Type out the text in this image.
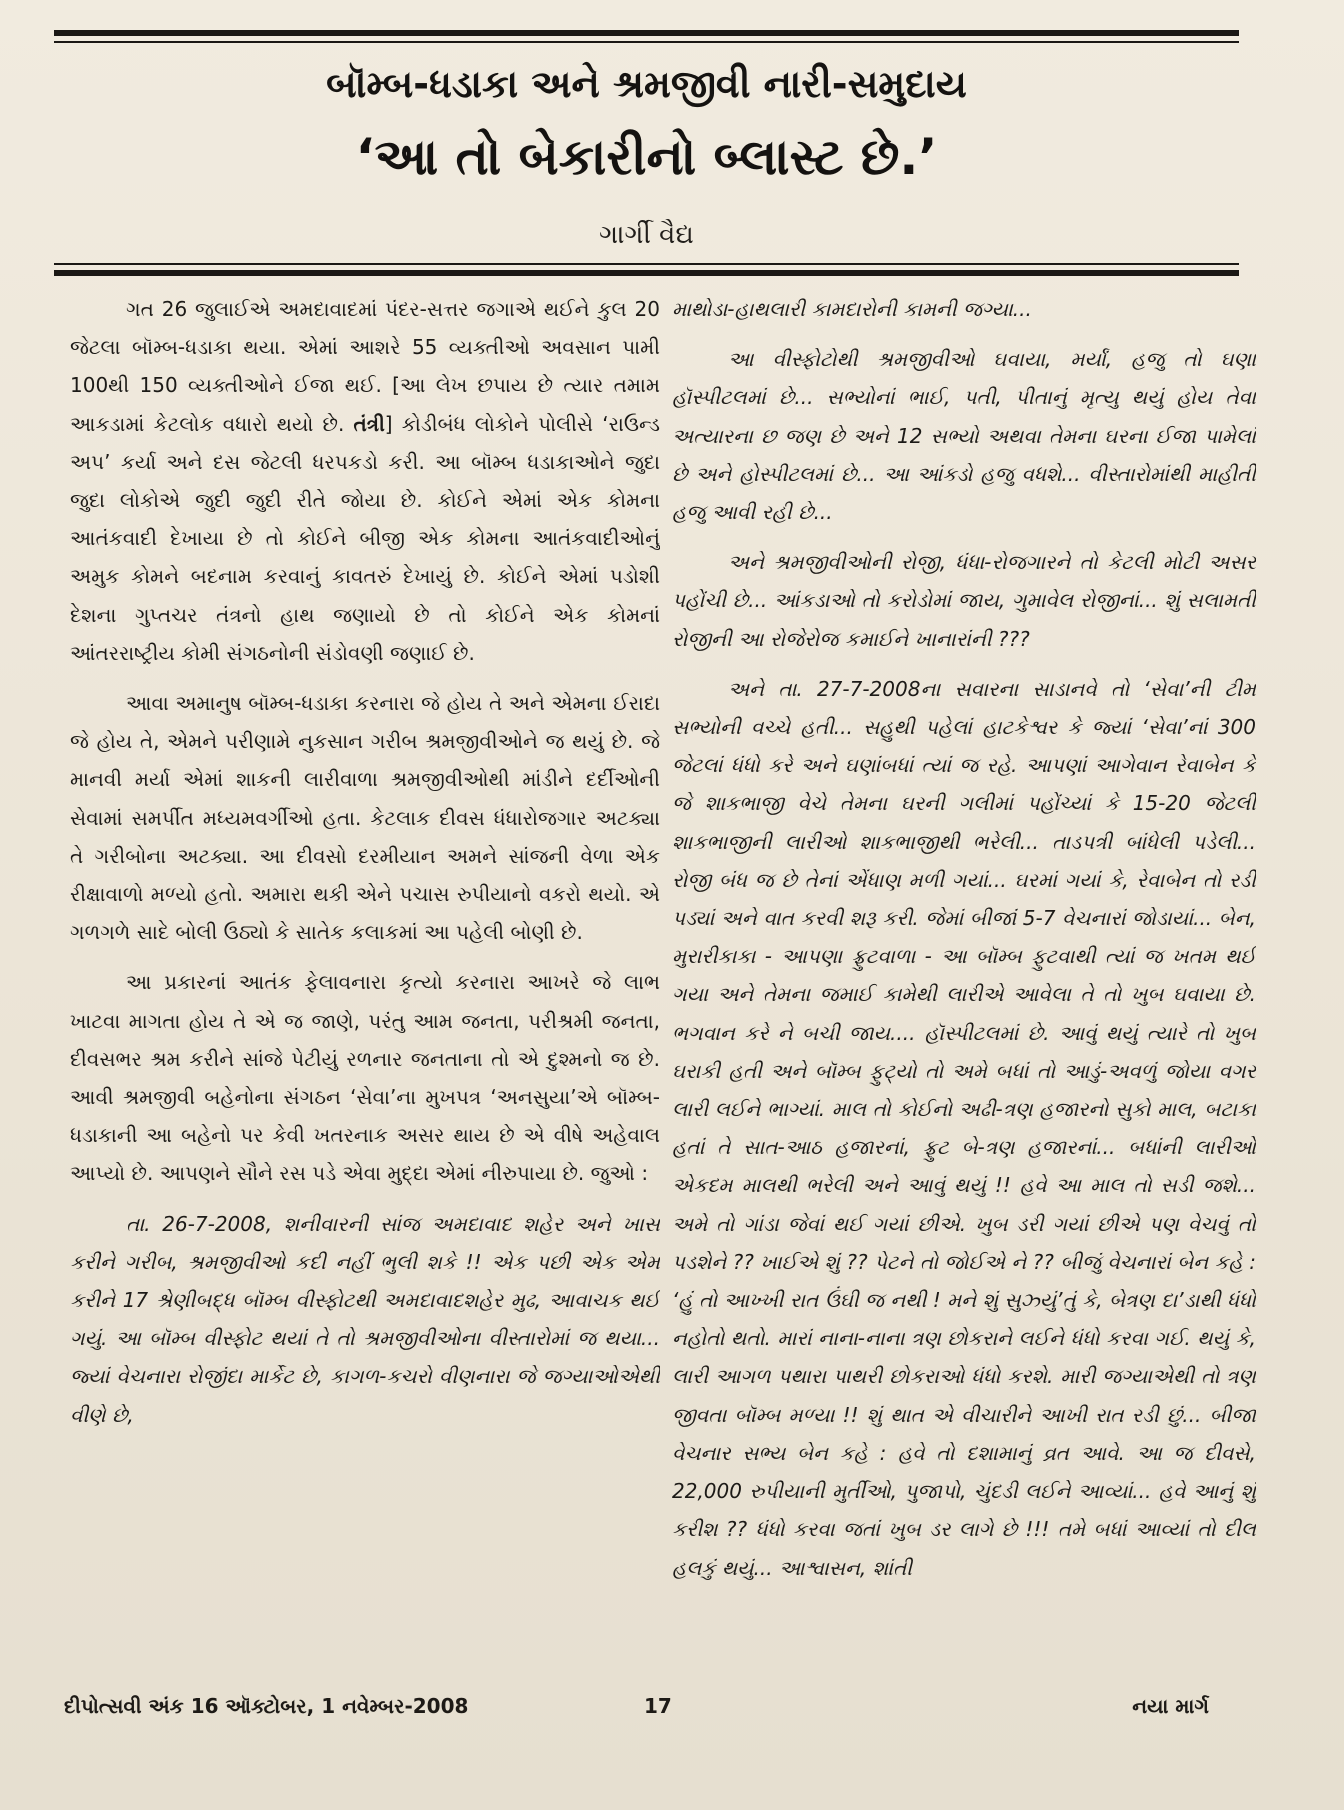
બૉમ્બ-ધડાકા અને શ્રમજીવી નારી-સમુદાય
‘આ તો બેકારીનો બ્લાસ્ટ છે.’
ગાર્ગી વૈદ્ય

ગત 26 જુલાઈએ અમદાવાદમાં પંદર-સત્તર જગાએ થઈને કુલ 20 જેટલા બૉમ્બ-ધડાકા થયા. એમાં આશરે 55 વ્યક્તીઓ અવસાન પામી 100થી 150 વ્યક્તીઓને ઈજા થઈ. [આ લેખ છપાય છે ત્યાર તમામ આકડામાં કેટલોક વધારો થયો છે. તંત્રી] કોડીબંધ લોકોને પોલીસે ‘રાઉન્ડ અપ’ કર્યા અને દસ જેટલી ધરપકડો કરી. આ બૉમ્બ ધડાકાઓને જુદા જુદા લોકોએ જુદી જુદી રીતે જોયા છે. કોઈને એમાં એક કોમના આતંકવાદી દેખાયા છે તો કોઈને બીજી એક કોમના આતંકવાદીઓનું અમુક કોમને બદનામ કરવાનું કાવતરું દેખાયું છે. કોઈને એમાં પડોશી દેશના ગુપ્તચર તંત્રનો હાથ જણાયો છે તો કોઈને એક કોમનાં આંતરરાષ્ટ્રીય કોમી સંગઠનોની સંડોવણી જણાઈ છે.

આવા અમાનુષ બૉમ્બ-ધડાકા કરનારા જે હોય તે અને એમના ઈરાદા જે હોય તે, એમને પરીણામે નુકસાન ગરીબ શ્રમજીવીઓને જ થયું છે. જે માનવી મર્યા એમાં શાકની લારીવાળા શ્રમજીવીઓથી માંડીને દર્દીઓની સેવામાં સમર્પીત મધ્યમવર્ગીઓ હતા. કેટલાક દીવસ ધંધારોજગાર અટક્યા તે ગરીબોના અટક્યા. આ દીવસો દરમીયાન અમને સાંજની વેળા એક રીક્ષાવાળો મળ્યો હતો. અમારા થકી એને પચાસ રુપીયાનો વકરો થયો. એ ગળગળે સાદે બોલી ઉઠ્યો કે સાતેક કલાકમાં આ પહેલી બોણી છે.

આ પ્રકારનાં આતંક ફેલાવનારા કૃત્યો કરનારા આખરે જે લાભ ખાટવા માગતા હોય તે એ જ જાણે, પરંતુ આમ જનતા, પરીશ્રમી જનતા, દીવસભર શ્રમ કરીને સાંજે પેટીયું રળનાર જનતાના તો એ દુશ્મનો જ છે. આવી શ્રમજીવી બહેનોના સંગઠન ‘સેવા’ના મુખપત્ર ‘અનસુયા’એ બૉમ્બ-ધડાકાની આ બહેનો પર કેવી ખતરનાક અસર થાય છે એ વીષે અહેવાલ આપ્યો છે. આપણને સૌને રસ પડે એવા મુદ્દા એમાં નીરુપાયા છે. જુઓ :

તા. 26-7-2008, શનીવારની સાંજ અમદાવાદ શહેર અને ખાસ કરીને ગરીબ, શ્રમજીવીઓ કદી નહીં ભુલી શકે !! એક પછી એક એમ કરીને 17 શ્રેણીબદ્ધ બૉમ્બ વીસ્ફોટથી અમદાવાદશહેર મુઢ, આવાચક થઈ ગયું. આ બૉમ્બ વીસ્ફોટ થયાં તે તો શ્રમજીવીઓના વીસ્તારોમાં જ થયા... જ્યાં વેચનારા રોજીંદા માર્કેટ છે, કાગળ-કચરો વીણનારા જે જગ્યાઓએથી વીણે છે,

માથોડા-હાથલારી કામદારોની કામની જગ્યા...

આ વીસ્ફોટોથી શ્રમજીવીઓ ઘવાયા, મર્યાં, હજુ તો ઘણા હૉસ્પીટલમાં છે... સભ્યોનાં ભાઈ, પતી, પીતાનું મૃત્યુ થયું હોય તેવા અત્યારના છ જણ છે અને 12 સભ્યો અથવા તેમના ઘરના ઈજા પામેલાં છે અને હોસ્પીટલમાં છે... આ આંકડો હજુ વધશે... વીસ્તારોમાંથી માહીતી હજુ આવી રહી છે...

અને શ્રમજીવીઓની રોજી, ધંધા-રોજગારને તો કેટલી મોટી અસર પહોંચી છે... આંકડાઓ તો કરોડોમાં જાય, ગુમાવેલ રોજીનાં... શું સલામતી રોજીની આ રોજેરોજ કમાઈને ખાનારાંની ???

અને તા. 27-7-2008ના સવારના સાડાનવે તો ‘સેવા’ની ટીમ સભ્યોની વચ્ચે હતી... સહુથી પહેલાં હાટકેશ્વર કે જ્યાં ‘સેવા’નાં 300 જેટલાં ધંધો કરે અને ઘણાંબધાં ત્યાં જ રહે. આપણાં આગેવાન રેવાબેન કે જે શાકભાજી વેચે તેમના ઘરની ગલીમાં પહોંચ્યાં કે 15-20 જેટલી શાકભાજીની લારીઓ શાકભાજીથી ભરેલી... તાડપત્રી બાંધેલી પડેલી... રોજી બંધ જ છે તેનાં એંધાણ મળી ગયાં... ઘરમાં ગયાં કે, રેવાબેન તો રડી પડ્યાં અને વાત કરવી શરૂ કરી. જેમાં બીજાં 5-7 વેચનારાં જોડાયાં... બેન, મુરારીકાકા - આપણા ફ્રુટવાળા - આ બૉમ્બ ફુટવાથી ત્યાં જ ખતમ થઈ ગયા અને તેમના જમાઈ કામેથી લારીએ આવેલા તે તો ખુબ ઘવાયા છે. ભગવાન કરે ને બચી જાય.... હૉસ્પીટલમાં છે. આવું થયું ત્યારે તો ખુબ ઘરાકી હતી અને બૉમ્બ ફુટ્યો તો અમે બધાં તો આડું-અવળું જોયા વગર લારી લઈને ભાગ્યાં. માલ તો કોઈનો અઢી-ત્રણ હજારનો સુકો માલ, બટાકા હતાં તે સાત-આઠ હજારનાં, ફ્રુટ બે-ત્રણ હજારનાં... બધાંની લારીઓ એકદમ માલથી ભરેલી અને આવું થયું !! હવે આ માલ તો સડી જશે... અમે તો ગાંડા જેવાં થઈ ગયાં છીએ. ખુબ ડરી ગયાં છીએ પણ વેચવું તો પડશેને ?? ખાઈએ શું ?? પેટને તો જોઈએ ને ?? બીજું વેચનારાં બેન કહે : ‘હું તો આખ્ખી રાત ઉંઘી જ નથી ! મને શું સુઝ્યું’તું કે, બેત્રણ દા’ડાથી ધંધો નહોતો થતો. મારાં નાના-નાના ત્રણ છોકરાને લઈને ધંધો કરવા ગઈ. થયું કે, લારી આગળ પથારા પાથરી છોકરાઓ ધંધો કરશે. મારી જગ્યાએથી તો ત્રણ જીવતા બૉમ્બ મળ્યા !! શું થાત એ વીચારીને આખી રાત રડી છું... બીજા વેચનાર સભ્ય બેન કહે : હવે તો દશામાનું વ્રત આવે. આ જ દીવસે, 22,000 રુપીયાની મુર્તીઓ, પુજાપો, ચુંદડી લઈને આવ્યાં... હવે આનું શું કરીશ ?? ધંધો કરવા જતાં ખુબ ડર લાગે છે !!! તમે બધાં આવ્યાં તો દીલ હલકું થયું... આશ્વાસન, શાંતી

દીપોત્સવી અંક 16 ઑક્ટોબર, 1 નવેમ્બર-2008	17	નયા માર્ગ
